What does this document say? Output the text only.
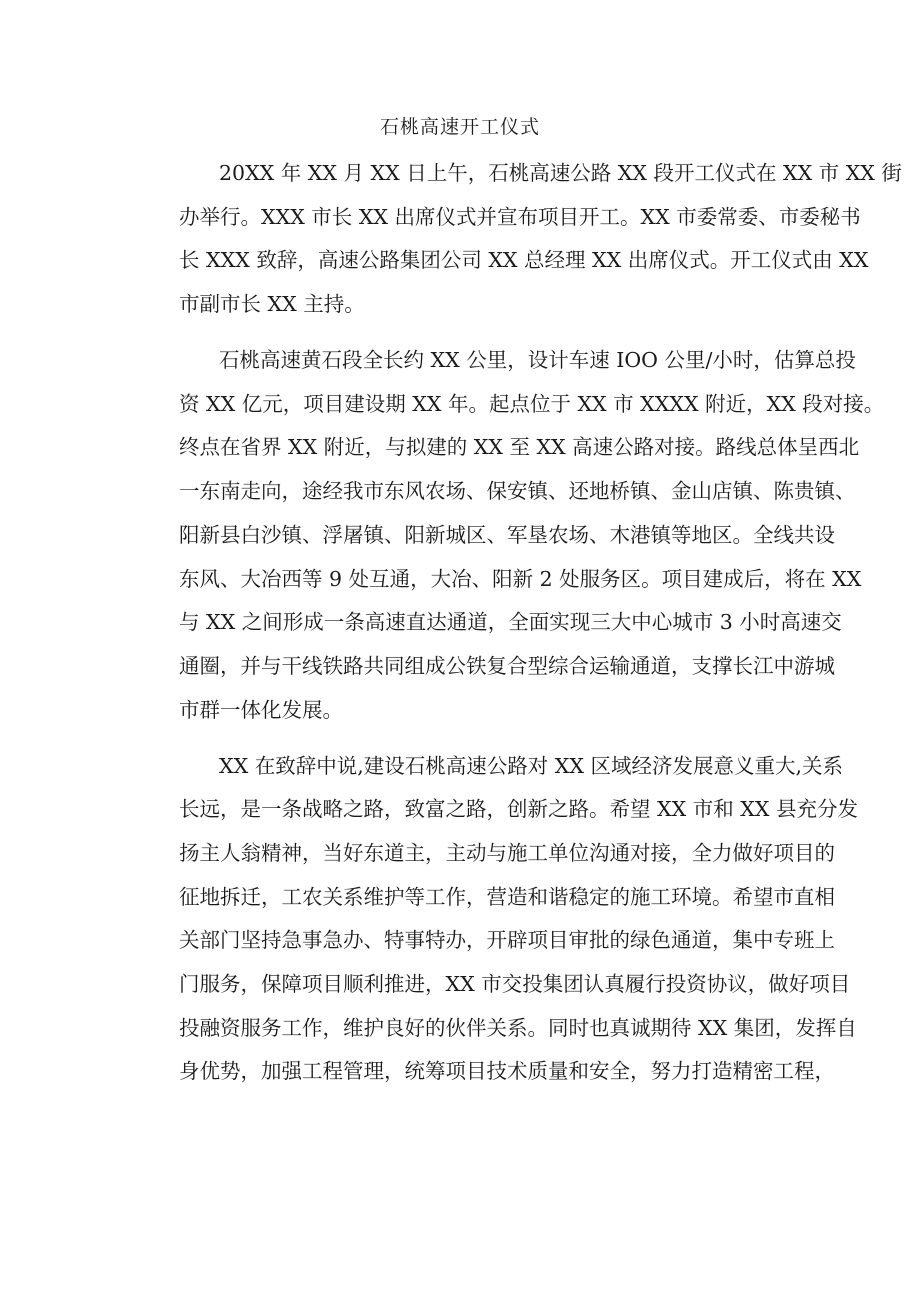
石桃高速开工仪式
20XX 年 XX 月 XX 日上午，石桃高速公路 XX 段开工仪式在 XX 市 XX 街
办举行。XXX 市长 XX 出席仪式并宣布项目开工。XX 市委常委、市委秘书
长 XXX 致辞，高速公路集团公司 XX 总经理 XX 出席仪式。开工仪式由 XX
市副市长 XX 主持。
石桃高速黄石段全长约 XX 公里，设计车速 IOO 公里/小时，估算总投
资 XX 亿元，项目建设期 XX 年。起点位于 XX 市 XXXX 附近，XX 段对接。
终点在省界 XX 附近，与拟建的 XX 至 XX 高速公路对接。路线总体呈西北
一东南走向，途经我市东风农场、保安镇、还地桥镇、金山店镇、陈贵镇、
阳新县白沙镇、浮屠镇、阳新城区、军垦农场、木港镇等地区。全线共设
东风、大冶西等 9 处互通，大冶、阳新 2 处服务区。项目建成后，将在 XX
与 XX 之间形成一条高速直达通道，全面实现三大中心城市 3 小时高速交
通圈，并与干线铁路共同组成公铁复合型综合运输通道，支撑长江中游城
市群一体化发展。
XX 在致辞中说,建设石桃高速公路对 XX 区域经济发展意义重大,关系
长远，是一条战略之路，致富之路，创新之路。希望 XX 市和 XX 县充分发
扬主人翁精神，当好东道主，主动与施工单位沟通对接，全力做好项目的
征地拆迁，工农关系维护等工作，营造和谐稳定的施工环境。希望市直相
关部门坚持急事急办、特事特办，开辟项目审批的绿色通道，集中专班上
门服务，保障项目顺利推进，XX 市交投集团认真履行投资协议，做好项目
投融资服务工作，维护良好的伙伴关系。同时也真诚期待 XX 集团，发挥自
身优势，加强工程管理，统筹项目技术质量和安全，努力打造精密工程，
